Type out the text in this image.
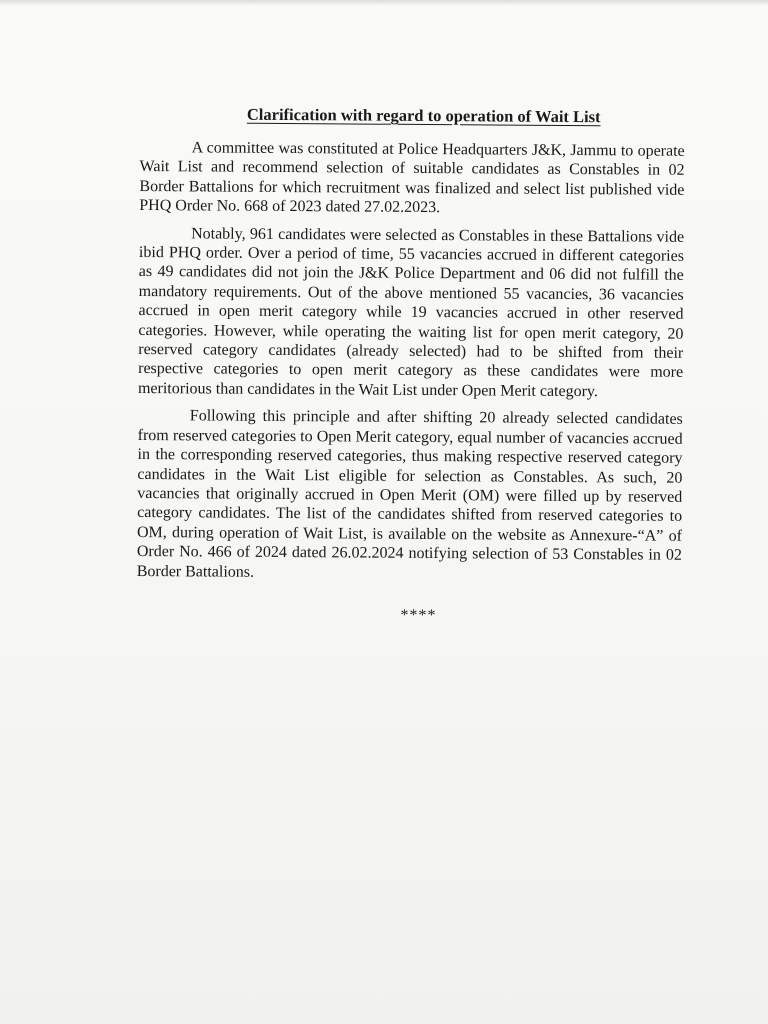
Clarification with regard to operation of Wait List

A committee was constituted at Police Headquarters J&K, Jammu to operate Wait List and recommend selection of suitable candidates as Constables in 02 Border Battalions for which recruitment was finalized and select list published vide PHQ Order No. 668 of 2023 dated 27.02.2023.

Notably, 961 candidates were selected as Constables in these Battalions vide ibid PHQ order. Over a period of time, 55 vacancies accrued in different categories as 49 candidates did not join the J&K Police Department and 06 did not fulfill the mandatory requirements. Out of the above mentioned 55 vacancies, 36 vacancies accrued in open merit category while 19 vacancies accrued in other reserved categories. However, while operating the waiting list for open merit category, 20 reserved category candidates (already selected) had to be shifted from their respective categories to open merit category as these candidates were more meritorious than candidates in the Wait List under Open Merit category.

Following this principle and after shifting 20 already selected candidates from reserved categories to Open Merit category, equal number of vacancies accrued in the corresponding reserved categories, thus making respective reserved category candidates in the Wait List eligible for selection as Constables. As such, 20 vacancies that originally accrued in Open Merit (OM) were filled up by reserved category candidates. The list of the candidates shifted from reserved categories to OM, during operation of Wait List, is available on the website as Annexure-“A” of Order No. 466 of 2024 dated 26.02.2024 notifying selection of 53 Constables in 02 Border Battalions.

****
